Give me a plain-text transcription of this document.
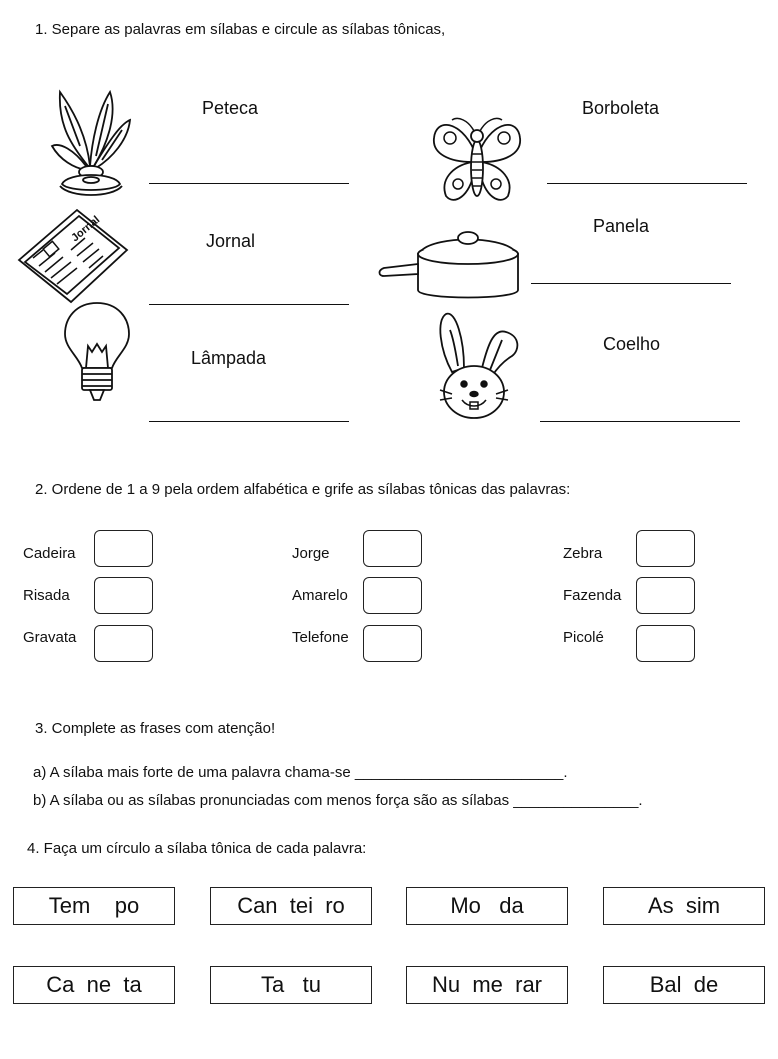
1. Separe as palavras em sílabas e circule as sílabas tônicas,
Peteca
Jornal	Jornal
Lâmpada
Borboleta
Panela
Coelho
2. Ordene de 1 a 9 pela ordem alfabética e grife as sílabas tônicas das palavras:
Cadeira	Jorge	Zebra
Risada	Amarelo	Fazenda
Gravata	Telefone	Picolé
3. Complete as frases com atenção!
a) A sílaba mais forte de uma palavra chama-se _________________________.
b) A sílaba ou as sílabas pronunciadas com menos força são as sílabas _______________.
4. Faça um círculo a sílaba tônica de cada palavra:
Tem    po	Can  tei  ro	Mo   da	As  sim
Ca  ne  ta	Ta   tu	Nu  me  rar	Bal  de
